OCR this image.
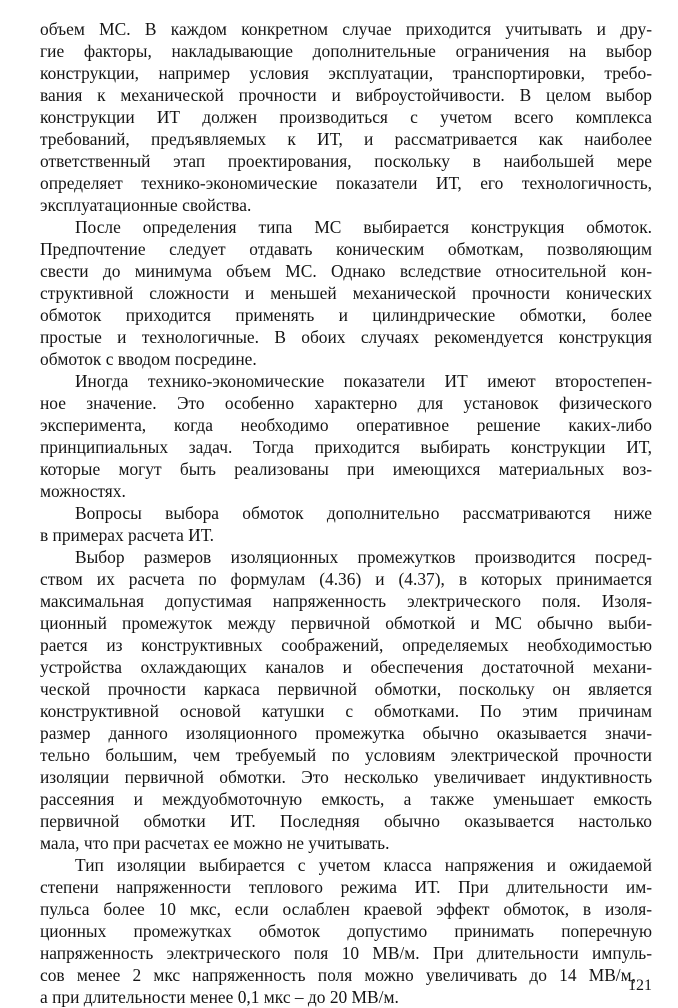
объем МС. В каждом конкретном случае приходится учитывать и дру-
гие факторы, накладывающие дополнительные ограничения на выбор
конструкции, например условия эксплуатации, транспортировки, требо-
вания к механической прочности и виброустойчивости. В целом выбор
конструкции ИТ должен производиться с учетом всего комплекса
требований, предъявляемых к ИТ, и рассматривается как наиболее
ответственный этап проектирования, поскольку в наибольшей мере
определяет технико-экономические показатели ИТ, его технологичность,
эксплуатационные свойства.
После определения типа МС выбирается конструкция обмоток.
Предпочтение следует отдавать коническим обмоткам, позволяющим
свести до минимума объем МС. Однако вследствие относительной кон-
структивной сложности и меньшей механической прочности конических
обмоток приходится применять и цилиндрические обмотки, более
простые и технологичные. В обоих случаях рекомендуется конструкция
обмоток с вводом посредине.
Иногда технико-экономические показатели ИТ имеют второстепен-
ное значение. Это особенно характерно для установок физического
эксперимента, когда необходимо оперативное решение каких-либо
принципиальных задач. Тогда приходится выбирать конструкции ИТ,
которые могут быть реализованы при имеющихся материальных воз-
можностях.
Вопросы выбора обмоток дополнительно рассматриваются ниже
в примерах расчета ИТ.
Выбор размеров изоляционных промежутков производится посред-
ством их расчета по формулам (4.36) и (4.37), в которых принимается
максимальная допустимая напряженность электрического поля. Изоля-
ционный промежуток между первичной обмоткой и МС обычно выби-
рается из конструктивных соображений, определяемых необходимостью
устройства охлаждающих каналов и обеспечения достаточной механи-
ческой прочности каркаса первичной обмотки, поскольку он является
конструктивной основой катушки с обмотками. По этим причинам
размер данного изоляционного промежутка обычно оказывается значи-
тельно большим, чем требуемый по условиям электрической прочности
изоляции первичной обмотки. Это несколько увеличивает индуктивность
рассеяния и междуобмоточную емкость, а также уменьшает емкость
первичной обмотки ИТ. Последняя обычно оказывается настолько
мала, что при расчетах ее можно не учитывать.
Тип изоляции выбирается с учетом класса напряжения и ожидаемой
степени напряженности теплового режима ИТ. При длительности им-
пульса более 10 мкс, если ослаблен краевой эффект обмоток, в изоля-
ционных промежутках обмоток допустимо принимать поперечную
напряженность электрического поля 10 МВ/м. При длительности импуль-
сов менее 2 мкс напряженность поля можно увеличивать до 14 МВ/м,
а при длительности менее 0,1 мкс – до 20 МВ/м.
121
